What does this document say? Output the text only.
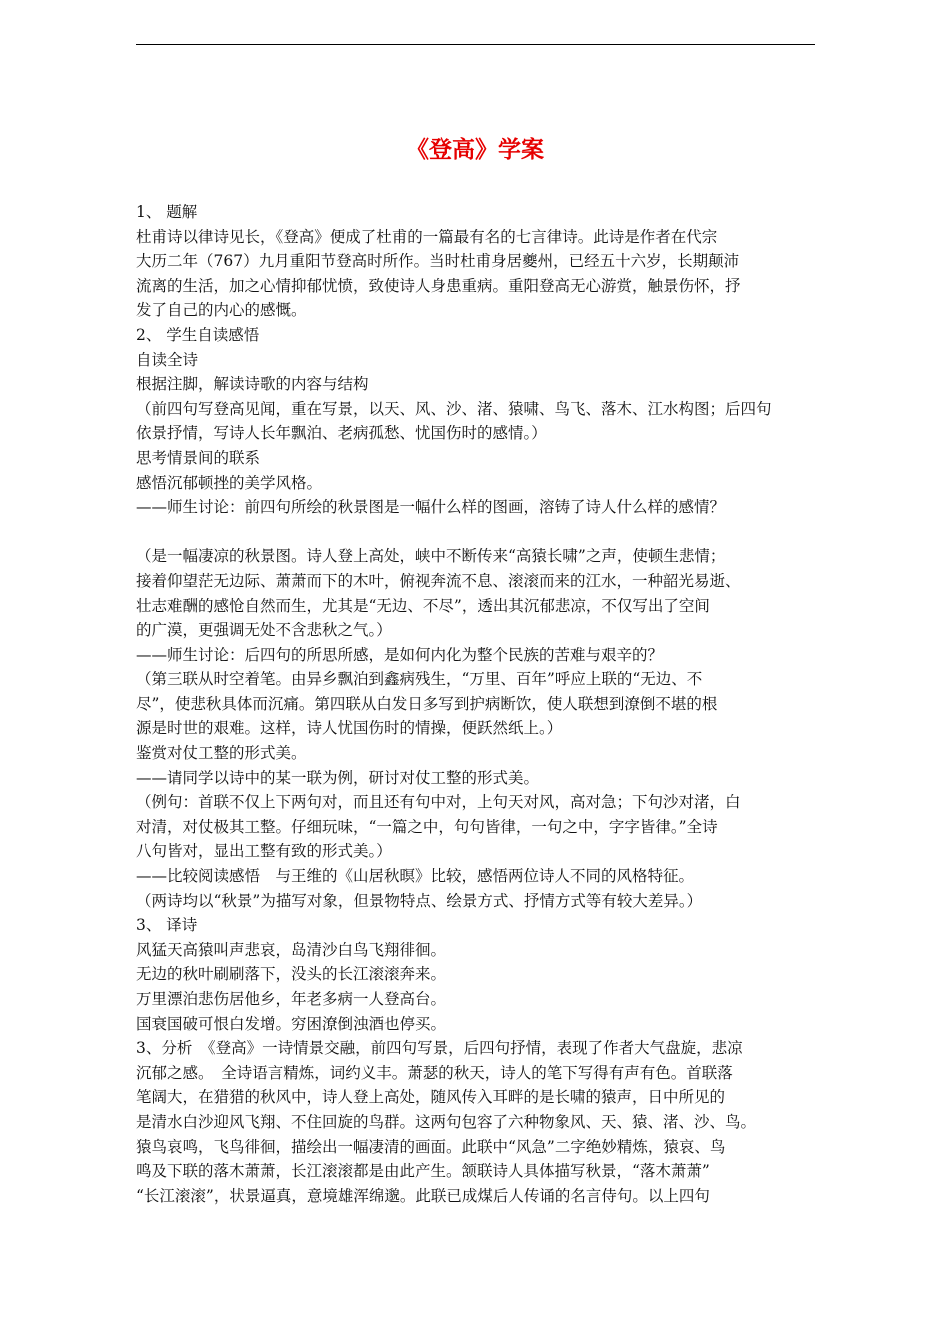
《登高》学案
1、 题解
杜甫诗以律诗见长，《登高》便成了杜甫的一篇最有名的七言律诗。此诗是作者在代宗
大历二年（767）九月重阳节登高时所作。当时杜甫身居夔州，已经五十六岁，长期颠沛
流离的生活，加之心情抑郁忧愤，致使诗人身患重病。重阳登高无心游赏，触景伤怀，抒
发了自己的内心的感慨。
2、 学生自读感悟
自读全诗
根据注脚，解读诗歌的内容与结构
（前四句写登高见闻，重在写景，以天、风、沙、渚、猿啸、鸟飞、落木、江水构图；后四句
依景抒情，写诗人长年飘泊、老病孤愁、忧国伤时的感情。）
思考情景间的联系
感悟沉郁顿挫的美学风格。
——师生讨论：前四句所绘的秋景图是一幅什么样的图画，溶铸了诗人什么样的感情？
（是一幅凄凉的秋景图。诗人登上高处，峡中不断传来“高猿长啸”之声，使顿生悲情；
接着仰望茫无边际、萧萧而下的木叶，俯视奔流不息、滚滚而来的江水，一种韶光易逝、
壮志难酬的感怆自然而生，尤其是“无边、不尽”，透出其沉郁悲凉，不仅写出了空间
的广漠，更强调无处不含悲秋之气。）
——师生讨论：后四句的所思所感，是如何内化为整个民族的苦难与艰辛的？
（第三联从时空着笔。由异乡飘泊到鑫病残生，“万里、百年”呼应上联的“无边、不
尽”，使悲秋具体而沉痛。第四联从白发日多写到护病断饮，使人联想到潦倒不堪的根
源是时世的艰难。这样，诗人忧国伤时的情操，便跃然纸上。）
鉴赏对仗工整的形式美。
——请同学以诗中的某一联为例，研讨对仗工整的形式美。
（例句：首联不仅上下两句对，而且还有句中对，上句天对风，高对急；下句沙对渚，白
对清，对仗极其工整。仔细玩味，“一篇之中，句句皆律，一句之中，字字皆律。”全诗
八句皆对，显出工整有致的形式美。）
——比较阅读感悟　与王维的《山居秋暝》比较，感悟两位诗人不同的风格特征。
（两诗均以“秋景”为描写对象，但景物特点、绘景方式、抒情方式等有较大差异。）
3、 译诗
风猛天高猿叫声悲哀，岛清沙白鸟飞翔徘徊。
无边的秋叶刷刷落下，没头的长江滚滚奔来。
万里漂泊悲伤居他乡，年老多病一人登高台。
国衰国破可恨白发增。穷困潦倒浊酒也停买。
3、分析　《登高》一诗情景交融，前四句写景，后四句抒情，表现了作者大气盘旋，悲凉
沉郁之感。　全诗语言精炼，词约义丰。萧瑟的秋天，诗人的笔下写得有声有色。首联落
笔阔大，在猎猎的秋风中，诗人登上高处，随风传入耳畔的是长啸的猿声，日中所见的
是清水白沙迎风飞翔、不住回旋的鸟群。这两句包容了六种物象风、天、猿、渚、沙、鸟。
猿鸟哀鸣，飞鸟徘徊，描绘出一幅凄清的画面。此联中“风急”二字绝妙精炼，猿哀、鸟
鸣及下联的落木萧萧，长江滚滚都是由此产生。颔联诗人具体描写秋景，“落木萧萧”
“长江滚滚”，状景逼真，意境雄浑绵邈。此联已成煤后人传诵的名言侍句。以上四句
